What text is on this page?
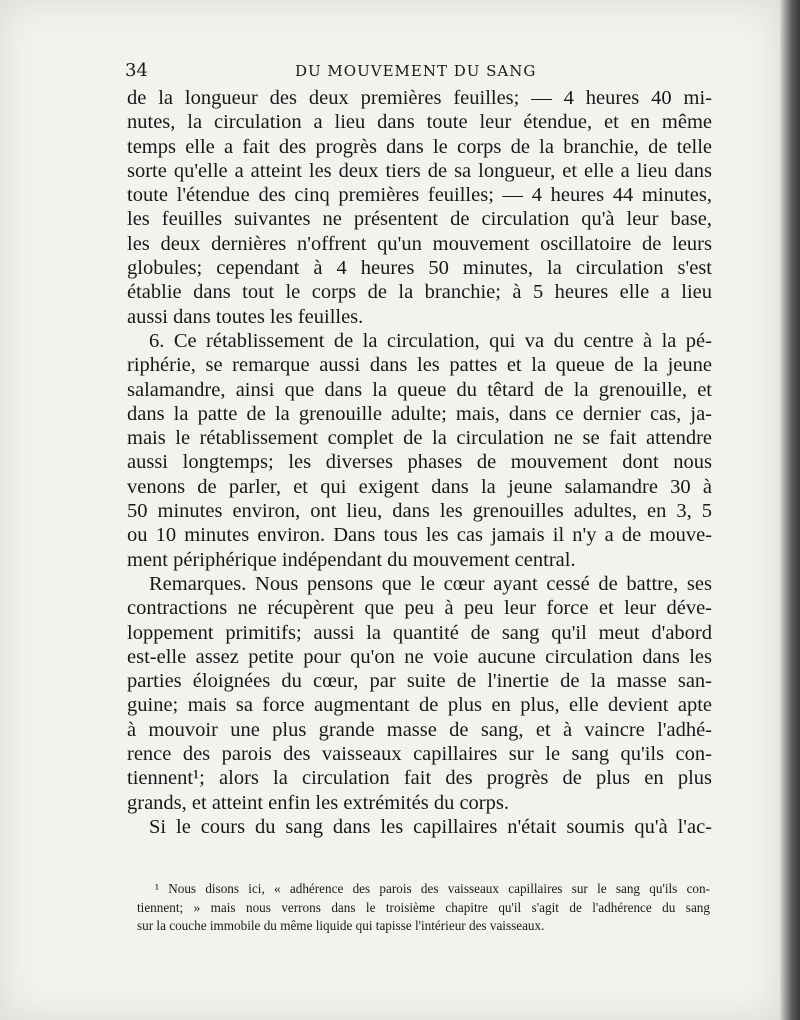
34	DU MOUVEMENT DU SANG
de la longueur des deux premières feuilles; — 4 heures 40 mi-
nutes, la circulation a lieu dans toute leur étendue, et en même
temps elle a fait des progrès dans le corps de la branchie, de telle
sorte qu'elle a atteint les deux tiers de sa longueur, et elle a lieu dans
toute l'étendue des cinq premières feuilles; — 4 heures 44 minutes,
les feuilles suivantes ne présentent de circulation qu'à leur base,
les deux dernières n'offrent qu'un mouvement oscillatoire de leurs
globules; cependant à 4 heures 50 minutes, la circulation s'est
établie dans tout le corps de la branchie; à 5 heures elle a lieu
aussi dans toutes les feuilles.
6. Ce rétablissement de la circulation, qui va du centre à la pé-
riphérie, se remarque aussi dans les pattes et la queue de la jeune
salamandre, ainsi que dans la queue du têtard de la grenouille, et
dans la patte de la grenouille adulte; mais, dans ce dernier cas, ja-
mais le rétablissement complet de la circulation ne se fait attendre
aussi longtemps; les diverses phases de mouvement dont nous
venons de parler, et qui exigent dans la jeune salamandre 30 à
50 minutes environ, ont lieu, dans les grenouilles adultes, en 3, 5
ou 10 minutes environ. Dans tous les cas jamais il n'y a de mouve-
ment périphérique indépendant du mouvement central.
Remarques. Nous pensons que le cœur ayant cessé de battre, ses
contractions ne récupèrent que peu à peu leur force et leur déve-
loppement primitifs; aussi la quantité de sang qu'il meut d'abord
est-elle assez petite pour qu'on ne voie aucune circulation dans les
parties éloignées du cœur, par suite de l'inertie de la masse san-
guine; mais sa force augmentant de plus en plus, elle devient apte
à mouvoir une plus grande masse de sang, et à vaincre l'adhé-
rence des parois des vaisseaux capillaires sur le sang qu'ils con-
tiennent¹; alors la circulation fait des progrès de plus en plus
grands, et atteint enfin les extrémités du corps.
Si le cours du sang dans les capillaires n'était soumis qu'à l'ac-
¹ Nous disons ici, « adhérence des parois des vaisseaux capillaires sur le sang qu'ils con-
tiennent; » mais nous verrons dans le troisième chapitre qu'il s'agit de l'adhérence du sang
sur la couche immobile du même liquide qui tapisse l'intérieur des vaisseaux.
